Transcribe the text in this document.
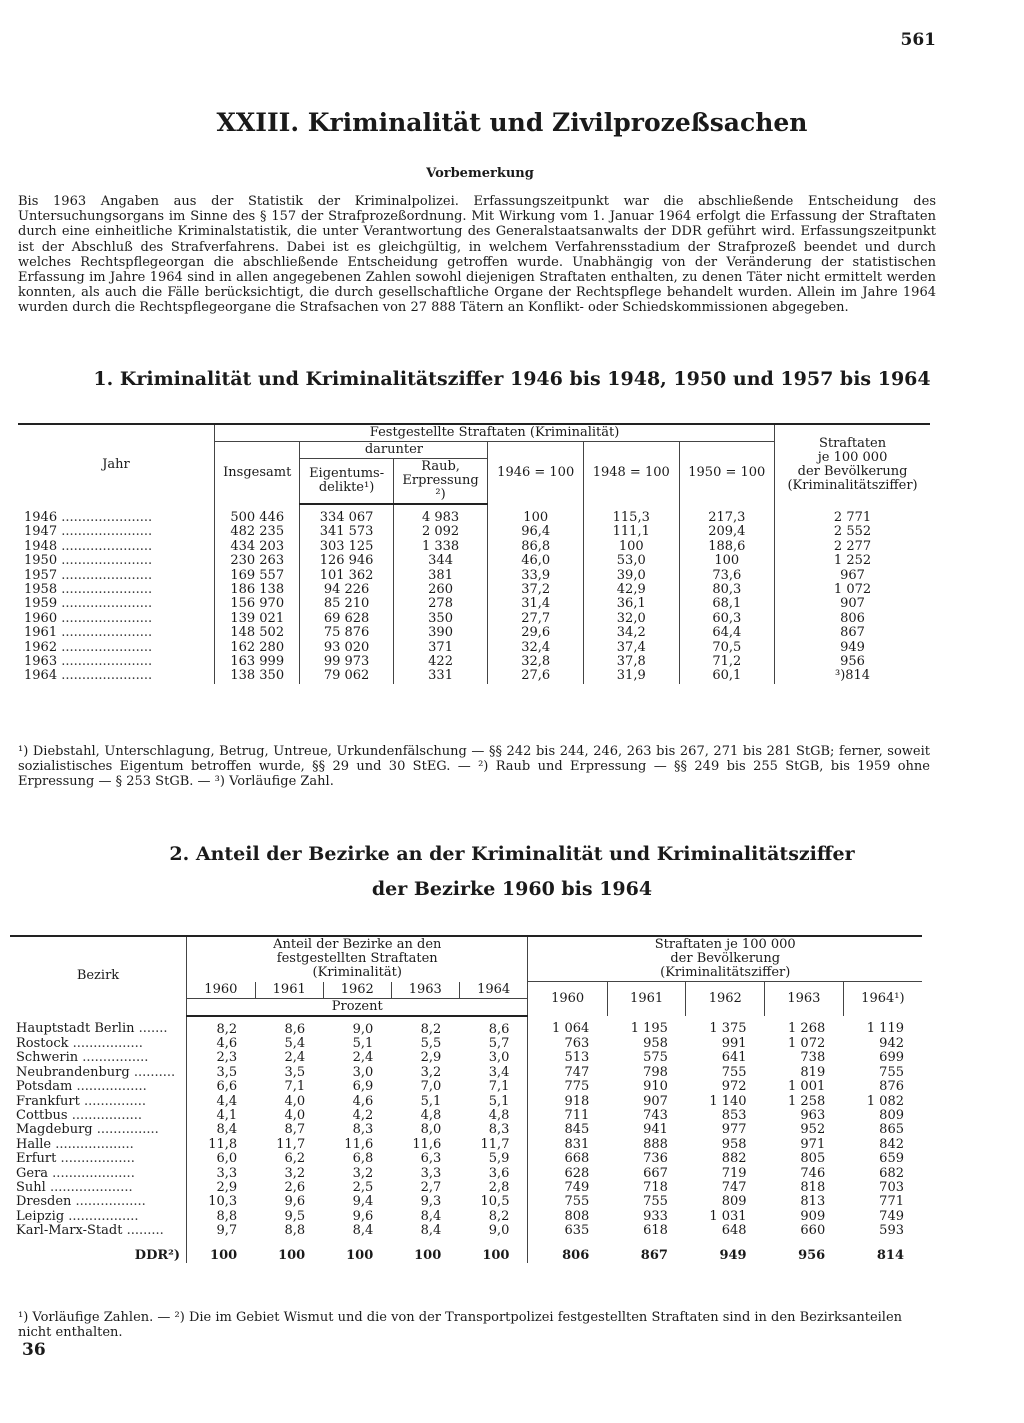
561
XXIII. Kriminalität und Zivilprozeßsachen
Vorbemerkung
Bis 1963 Angaben aus der Statistik der Kriminalpolizei. Erfassungszeitpunkt war die abschließende Entscheidung des Untersuchungsorgans im Sinne des § 157 der Strafprozeßordnung. Mit Wirkung vom 1. Januar 1964 erfolgt die Erfassung der Straftaten durch eine einheitliche Kriminalstatistik, die unter Verantwortung des Generalstaatsanwalts der DDR geführt wird. Erfassungszeitpunkt ist der Abschluß des Strafverfahrens. Dabei ist es gleichgültig, in welchem Verfahrensstadium der Strafprozeß beendet und durch welches Rechtspflegeorgan die abschließende Entscheidung getroffen wurde. Unabhängig von der Veränderung der statistischen Erfassung im Jahre 1964 sind in allen angegebenen Zahlen sowohl diejenigen Straftaten enthalten, zu denen Täter nicht ermittelt werden konnten, als auch die Fälle berücksichtigt, die durch gesellschaftliche Organe der Rechtspflege behandelt wurden. Allein im Jahre 1964 wurden durch die Rechtspflegeorgane die Strafsachen von 27 888 Tätern an Konflikt- oder Schiedskommissionen abgegeben.
1. Kriminalität und Kriminalitätsziffer 1946 bis 1948, 1950 und 1957 bis 1964
Jahr	Festgestellte Straftaten (Kriminalität)						Straftaten
je 100 000
der Bevölkerung
(Kriminalitätsziffer)
	Insgesamt	darunter		1946 = 100	1948 = 100	1950 = 100	
		Eigentums-
delikte¹)	Raub,
Erpressung
²)				
1946 ......................	500 446	334 067	4 983	100	115,3	217,3	2 771
1947 ......................	482 235	341 573	2 092	96,4	111,1	209,4	2 552
1948 ......................	434 203	303 125	1 338	86,8	100	188,6	2 277
1950 ......................	230 263	126 946	344	46,0	53,0	100	1 252
1957 ......................	169 557	101 362	381	33,9	39,0	73,6	967
1958 ......................	186 138	94 226	260	37,2	42,9	80,3	1 072
1959 ......................	156 970	85 210	278	31,4	36,1	68,1	907
1960 ......................	139 021	69 628	350	27,7	32,0	60,3	806
1961 ......................	148 502	75 876	390	29,6	34,2	64,4	867
1962 ......................	162 280	93 020	371	32,4	37,4	70,5	949
1963 ......................	163 999	99 973	422	32,8	37,8	71,2	956
1964 ......................	138 350	79 062	331	27,6	31,9	60,1	³)814
¹) Diebstahl, Unterschlagung, Betrug, Untreue, Urkundenfälschung — §§ 242 bis 244, 246, 263 bis 267, 271 bis 281 StGB; ferner, soweit sozialistisches Eigentum betroffen wurde, §§ 29 und 30 StEG. — ²) Raub und Erpressung — §§ 249 bis 255 StGB, bis 1959 ohne Erpressung — § 253 StGB. — ³) Vorläufige Zahl.
2. Anteil der Bezirke an der Kriminalität und Kriminalitätsziffer
der Bezirke 1960 bis 1964
Bezirk	Anteil der Bezirke an den
festgestellten Straftaten
(Kriminalität)					Straftaten je 100 000
der Bevölkerung
(Kriminalitätsziffer)				
	1960	1961	1962	1963	1964	1960	1961	1962	1963	1964¹)
	Prozent									
Hauptstadt Berlin .......	8,2	8,6	9,0	8,2	8,6	1 064	1 195	1 375	1 268	1 119
Rostock .................	4,6	5,4	5,1	5,5	5,7	763	958	991	1 072	942
Schwerin ................	2,3	2,4	2,4	2,9	3,0	513	575	641	738	699
Neubrandenburg ..........	3,5	3,5	3,0	3,2	3,4	747	798	755	819	755
Potsdam .................	6,6	7,1	6,9	7,0	7,1	775	910	972	1 001	876
Frankfurt ...............	4,4	4,0	4,6	5,1	5,1	918	907	1 140	1 258	1 082
Cottbus .................	4,1	4,0	4,2	4,8	4,8	711	743	853	963	809
Magdeburg ...............	8,4	8,7	8,3	8,0	8,3	845	941	977	952	865
Halle ...................	11,8	11,7	11,6	11,6	11,7	831	888	958	971	842
Erfurt ..................	6,0	6,2	6,8	6,3	5,9	668	736	882	805	659
Gera ....................	3,3	3,2	3,2	3,3	3,6	628	667	719	746	682
Suhl ....................	2,9	2,6	2,5	2,7	2,8	749	718	747	818	703
Dresden .................	10,3	9,6	9,4	9,3	10,5	755	755	809	813	771
Leipzig .................	8,8	9,5	9,6	8,4	8,2	808	933	1 031	909	749
Karl-Marx-Stadt .........	9,7	8,8	8,4	8,4	9,0	635	618	648	660	593
DDR²)	100	100	100	100	100	806	867	949	956	814
¹) Vorläufige Zahlen. — ²) Die im Gebiet Wismut und die von der Transportpolizei festgestellten Straftaten sind in den Bezirksanteilen nicht enthalten.
36
